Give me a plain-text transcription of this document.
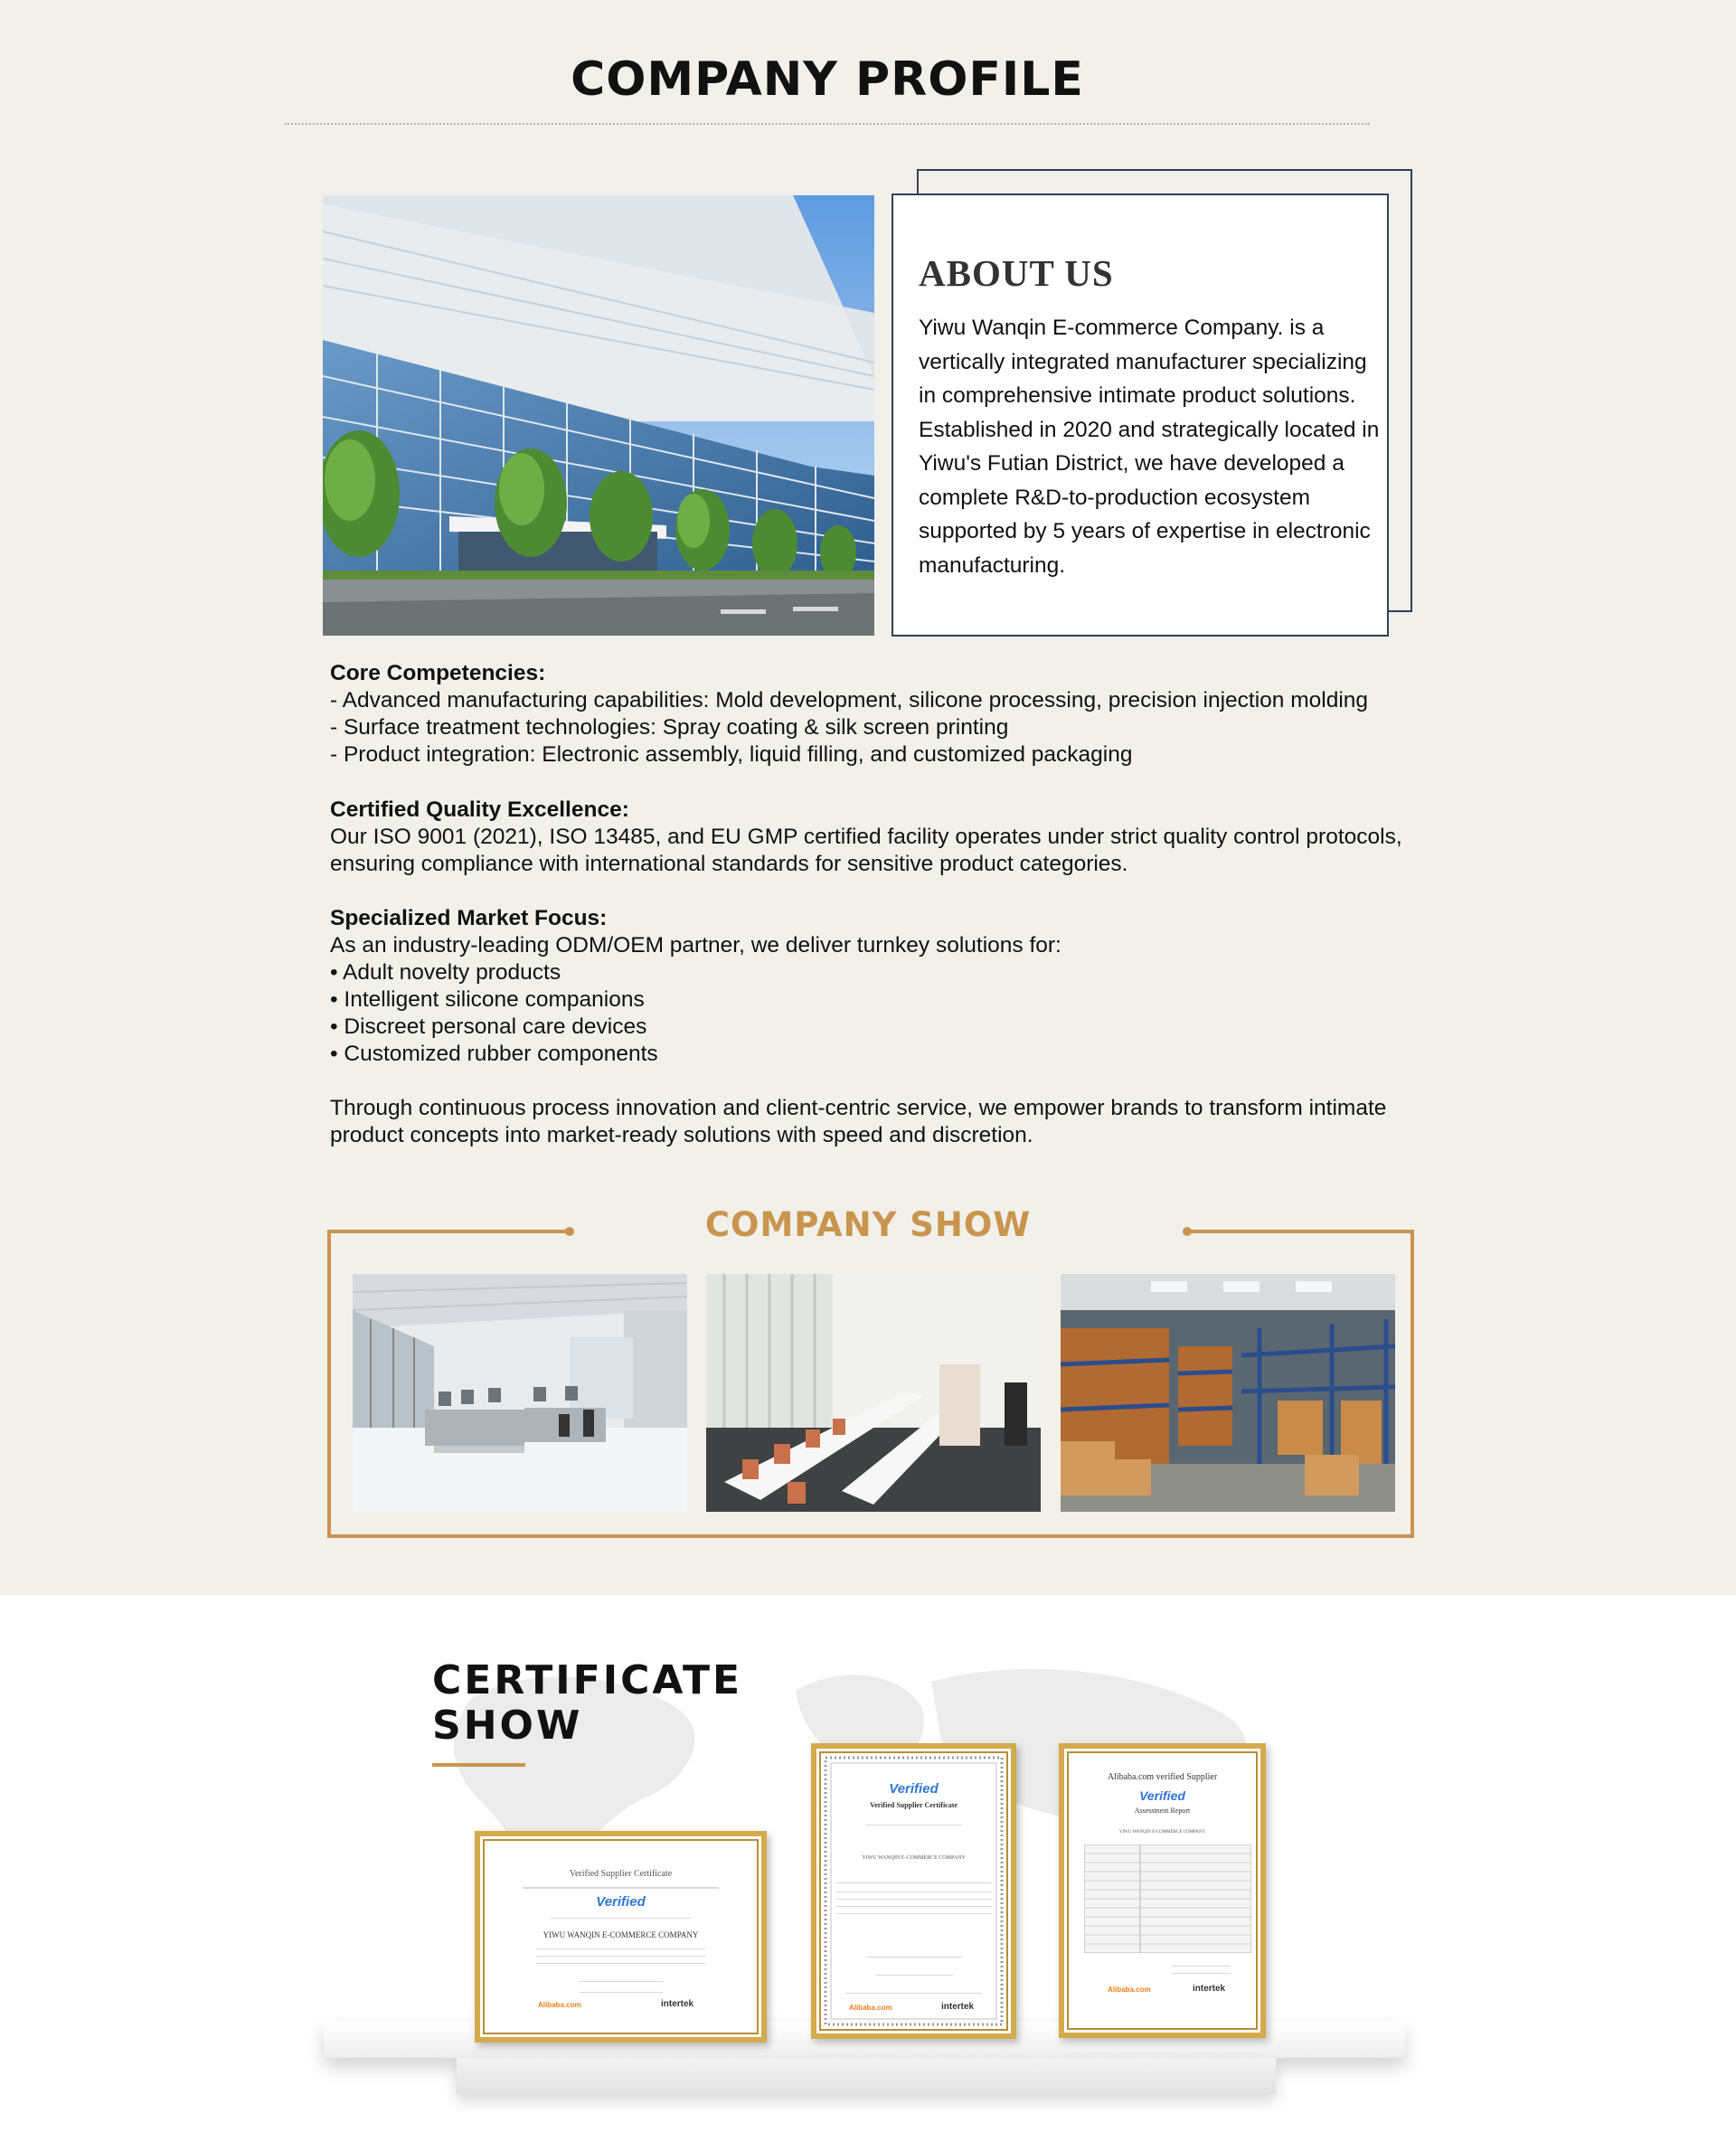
COMPANY PROFILE
ABOUT US

Yiwu Wanqin E-commerce Company. is a vertically integrated manufacturer specializing in comprehensive intimate product solutions. Established in 2020 and strategically located in Yiwu's Futian District, we have developed a complete R&D-to-production ecosystem supported by 5 years of expertise in electronic manufacturing.

Core Competencies:
- Advanced manufacturing capabilities: Mold development, silicone processing, precision injection molding
- Surface treatment technologies: Spray coating & silk screen printing
- Product integration: Electronic assembly, liquid filling, and customized packaging
Certified Quality Excellence:
Our ISO 9001 (2021), ISO 13485, and EU GMP certified facility operates under strict quality control protocols, ensuring compliance with international standards for sensitive product categories.
Specialized Market Focus:
As an industry-leading ODM/OEM partner, we deliver turnkey solutions for:
• Adult novelty products
• Intelligent silicone companions
• Discreet personal care devices
• Customized rubber components
Through continuous process innovation and client-centric service, we empower brands to transform intimate product concepts into market-ready solutions with speed and discretion.
COMPANY SHOW
CERTIFICATE
SHOW
Verified Supplier Certificate
Verified
YIWU WANQIN E-COMMERCE COMPANY
Alibaba.com	intertek
Verified
Verified Supplier Certificate
YIWU WANQIN E-COMMERCE COMPANY
Alibaba.com	intertek
Alibaba.com verified Supplier
Verified
Assessment Report
YIWU WANQIN E-COMMERCE COMPANY
Alibaba.com	intertek
